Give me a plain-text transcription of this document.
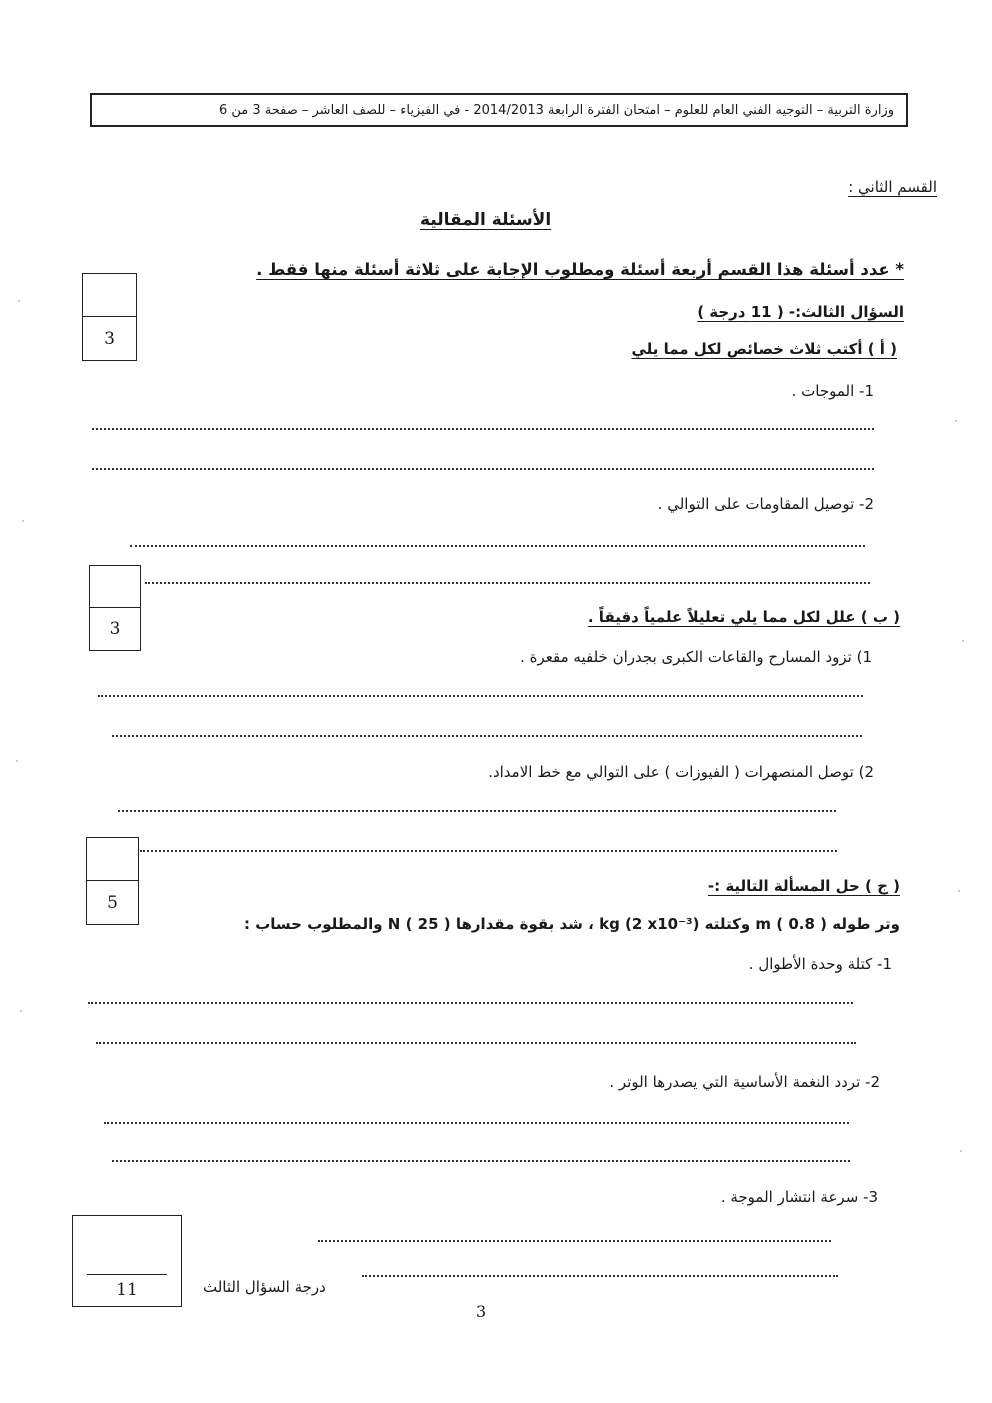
وزارة التربية – التوجيه الفني العام للعلوم – امتحان الفترة الرابعة 2014/2013 - في الفيزياء – للصف العاشر – صفحة 3 من 6
القسم الثاني :
الأسئلة المقالية
* عدد أسئلة هذا القسم أربعة أسئلة ومطلوب الإجابة على ثلاثة أسئلة منها فقط .
3
السؤال الثالث:- ( 11 درجة )
( أ ) أكتب ثلاث خصائص لكل مما يلي
1- الموجات .
2- توصيل المقاومات على التوالي .
3
( ب ) علل لكل مما يلي تعليلاً علمياً دقيقاً .
1) تزود المسارح والقاعات الكبرى بجدران خلفيه مقعرة .
2) توصل المنصهرات ( الفيوزات ) على التوالي مع خط الامداد.
5
( ج ) حل المسألة التالية :-
وتر طوله m ( 0.8 ) وكتلته kg (2 x10⁻³) ، شد بقوة مقدارها N ( 25 ) والمطلوب حساب :
1- كتلة وحدة الأطوال .
2- تردد النغمة الأساسية التي يصدرها الوتر .
3- سرعة انتشار الموجة .
11	درجة السؤال الثالث
3
